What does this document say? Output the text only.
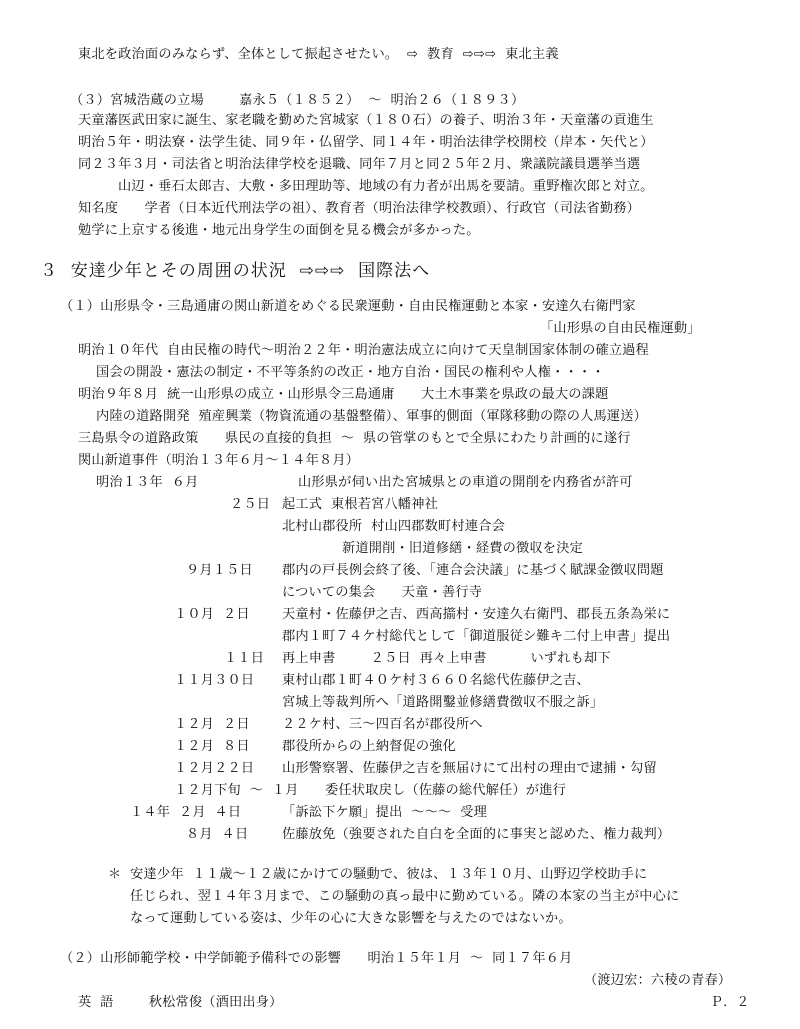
東北を政治面のみならず、全体として振起させたい。  ⇨  教育  ⇨⇨⇨  東北主義
（３）宮城浩蔵の立場        嘉永５（１８５２）  ～  明治２６（１８９３）
天童藩医武田家に誕生、家老職を勤めた宮城家（１８０石）の養子、明治３年・天童藩の貢進生
明治５年・明法寮・法学生徒、同９年・仏留学、同１４年・明治法律学校開校（岸本・矢代と）
同２３年３月・司法省と明治法律学校を退職、同年７月と同２５年２月、衆議院議員選挙当選
山辺・垂石太郎吉、大敷・多田理助等、地域の有力者が出馬を要請。重野権次郎と対立。
知名度      学者（日本近代刑法学の祖）、教育者（明治法律学校教頭）、行政官（司法省勤務）
勉学に上京する後進・地元出身学生の面倒を見る機会が多かった。
３  安達少年とその周囲の状況  ⇨⇨⇨  国際法へ
（１）山形県令・三島通庸の関山新道をめぐる民衆運動・自由民権運動と本家・安達久右衛門家
「山形県の自由民権運動」
明治１０年代  自由民権の時代～明治２２年・明治憲法成立に向けて天皇制国家体制の確立過程
国会の開設・憲法の制定・不平等条約の改正・地方自治・国民の権利や人権・・・・
明治９年８月  統一山形県の成立・山形県令三島通庸      大土木事業を県政の最大の課題
内陸の道路開発  殖産興業（物資流通の基盤整備）、軍事的側面（軍隊移動の際の人馬運送）
三島県令の道路政策      県民の直接的負担  ～  県の管掌のもとで全県にわたり計画的に遂行
関山新道事件（明治１３年６月～１４年８月）
明治１３年  ６月	山形県が伺い出た宮城県との車道の開削を内務省が許可
２５日 起工式  東根若宮八幡神社
北村山郡役所  村山四郡数町村連合会
新道開削・旧道修繕・経費の徴収を決定
９月１５日 郡内の戸長例会終了後、「連合会決議」に基づく賦課金徴収問題
についての集会      天童・善行寺
１０月  ２日 天童村・佐藤伊之吉、西高擶村・安達久右衛門、郡長五条為栄に
郡内１町７４ケ村総代として「御道服従シ難キ二付上申書」提出
１１日 再上申書        ２５日  再々上申書          いずれも却下
１１月３０日 東村山郡１町４０ケ村３６６０名総代佐藤伊之吉、
宮城上等裁判所へ「道路開鑿並修繕費徴収不服之訴」
１２月  ２日 ２２ケ村、三～四百名が郡役所へ
１２月  ８日 郡役所からの上納督促の強化
１２月２２日 山形警察署、佐藤伊之吉を無届けにて出村の理由で逮捕・勾留
１２月下旬  ～  １月      委任状取戻し（佐藤の総代解任）が進行
１４年  ２月  ４日	「訴訟下ケ願」提出  ～～～  受理
８月  ４日	佐藤放免（強要された自白を全面的に事実と認めた、権力裁判）
＊  安達少年  １１歳～１２歳にかけての騒動で、彼は、１３年１０月、山野辺学校助手に
任じられ、翌１４年３月まで、この騒動の真っ最中に勤めている。隣の本家の当主が中心に
なって運動している姿は、少年の心に大きな影響を与えたのではないか。
（２）山形師範学校・中学師範予備科での影響      明治１５年１月  ～  同１７年６月
（渡辺宏：六稜の青春）
英  語        秋松常俊（酒田出身）	Ｐ．２
